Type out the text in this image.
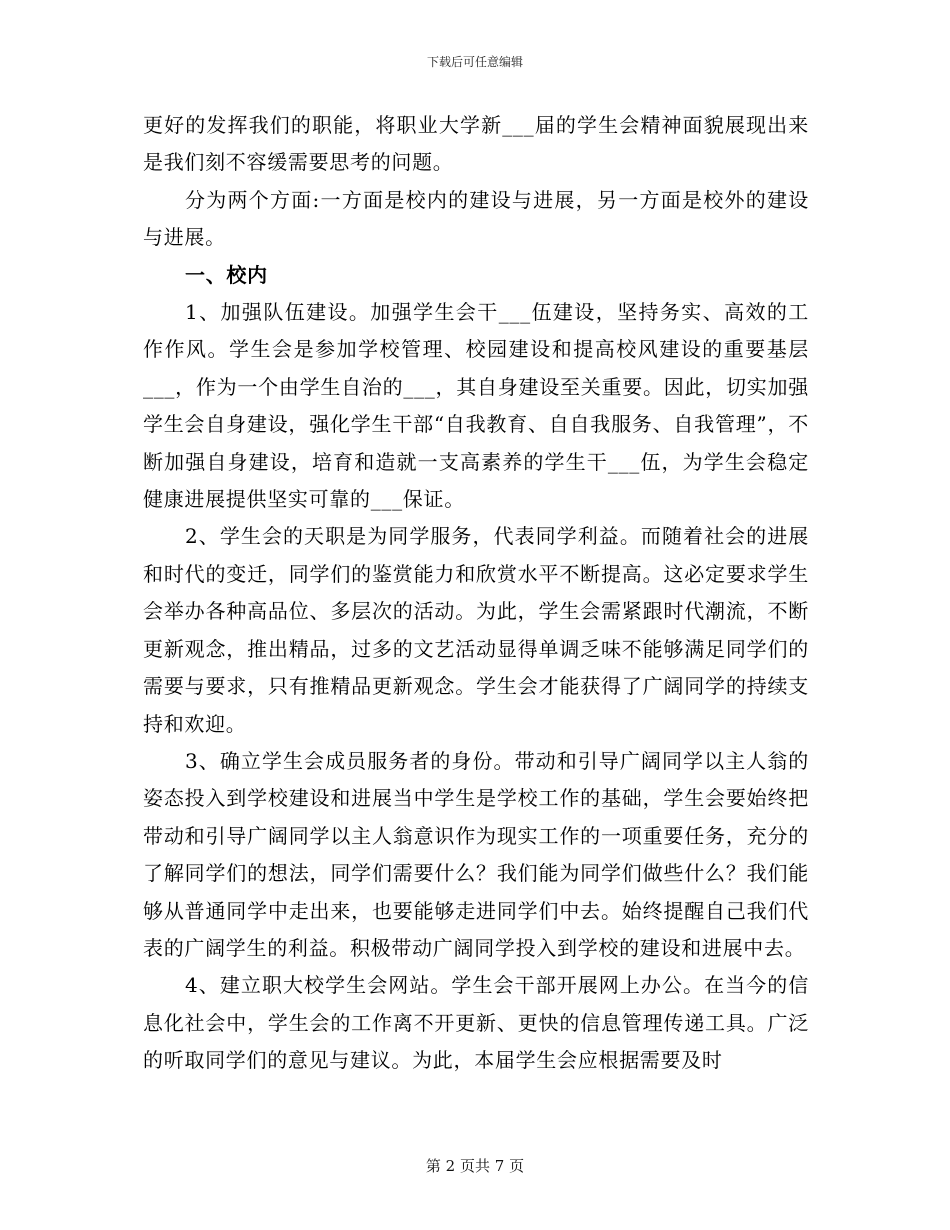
下载后可任意编辑

更好的发挥我们的职能，将职业大学新___届的学生会精神面貌展现出来是我们刻不容缓需要思考的问题。

分为两个方面:一方面是校内的建设与进展，另一方面是校外的建设与进展。

一、校内

1、加强队伍建设。加强学生会干___伍建设，坚持务实、高效的工作作风。学生会是参加学校管理、校园建设和提高校风建设的重要基层___，作为一个由学生自治的___，其自身建设至关重要。因此，切实加强学生会自身建设，强化学生干部“自我教育、自自我服务、自我管理”，不断加强自身建设，培育和造就一支高素养的学生干___伍，为学生会稳定健康进展提供坚实可靠的___保证。

2、学生会的天职是为同学服务，代表同学利益。而随着社会的进展和时代的变迁，同学们的鉴赏能力和欣赏水平不断提高。这必定要求学生会举办各种高品位、多层次的活动。为此，学生会需紧跟时代潮流，不断更新观念，推出精品，过多的文艺活动显得单调乏味不能够满足同学们的需要与要求，只有推精品更新观念。学生会才能获得了广阔同学的持续支持和欢迎。

3、确立学生会成员服务者的身份。带动和引导广阔同学以主人翁的姿态投入到学校建设和进展当中学生是学校工作的基础，学生会要始终把带动和引导广阔同学以主人翁意识作为现实工作的一项重要任务，充分的了解同学们的想法，同学们需要什么？我们能为同学们做些什么？我们能够从普通同学中走出来，也要能够走进同学们中去。始终提醒自己我们代表的广阔学生的利益。积极带动广阔同学投入到学校的建设和进展中去。

4、建立职大校学生会网站。学生会干部开展网上办公。在当今的信息化社会中，学生会的工作离不开更新、更快的信息管理传递工具。广泛的听取同学们的意见与建议。为此，本届学生会应根据需要及时

第 2 页共 7 页
